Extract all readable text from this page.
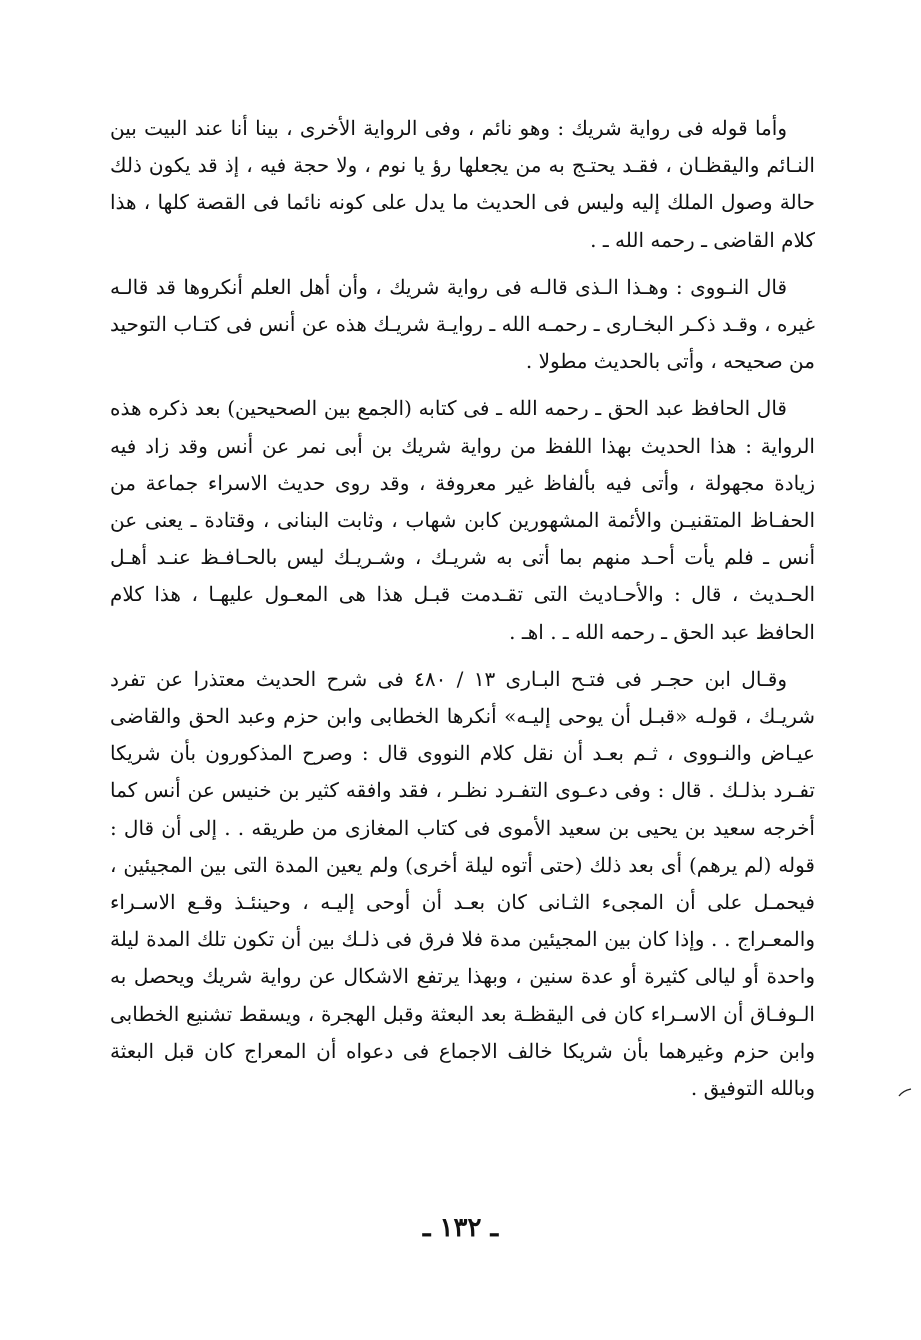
وأما قوله فى رواية شريك : وهو نائم ، وفى الرواية الأخرى ، بينا أنا عند البيت بين النـائم واليقظـان ، فقـد يحتـج به من يجعلها رؤ يا نوم ، ولا حجة فيه ، إذ قد يكون ذلك حالة وصول الملك إليه وليس فى الحديث ما يدل على كونه نائما فى القصة كلها ، هذا كلام القاضى ـ رحمه الله ـ .

قال النـووى : وهـذا الـذى قالـه فى رواية شريك ، وأن أهل العلم أنكروها قد قالـه غيره ، وقـد ذكـر البخـارى ـ رحمـه الله ـ روايـة شريـك هذه عن أنس فى كتـاب التوحيد من صحيحه ، وأتى بالحديث مطولا .

قال الحافظ عبد الحق ـ رحمه الله ـ فى كتابه (الجمع بين الصحيحين) بعد ذكره هذه الرواية : هذا الحديث بهذا اللفظ من رواية شريك بن أبى نمر عن أنس وقد زاد فيه زيادة مجهولة ، وأتى فيه بألفاظ غير معروفة ، وقد روى حديث الاسراء جماعة من الحفـاظ المتقنيـن والأئمة المشهورين كابن شهاب ، وثابت البنانى ، وقتادة ـ يعنى عن أنس ـ فلم يأت أحـد منهم بما أتى به شريـك ، وشـريـك ليس بالحـافـظ عنـد أهـل الحـديث ، قال : والأحـاديث التى تقـدمت قبـل هذا هى المعـول عليهـا ، هذا كلام الحافظ عبد الحق ـ رحمه الله ـ . اهـ .

وقـال ابن حجـر فى فتـح البـارى ١٣ / ٤٨٠ فى شرح الحديث معتذرا عن تفرد شريـك ، قولـه «قبـل أن يوحى إليـه» أنكرها الخطابى وابن حزم وعبد الحق والقاضى عيـاض والنـووى ، ثـم بعـد أن نقل كلام النووى قال : وصرح المذكورون بأن شريكا تفـرد بذلـك . قال : وفى دعـوى التفـرد نظـر ، فقد وافقه كثير بن خنيس عن أنس كما أخرجه سعيد بن يحيى بن سعيد الأموى فى كتاب المغازى من طريقه . . إلى أن قال : قوله (لم يرهم) أى بعد ذلك (حتى أتوه ليلة أخرى) ولم يعين المدة التى بين المجيئين ، فيحمـل على أن المجىء الثـانى كان بعـد أن أوحى إليـه ، وحينئـذ وقـع الاسـراء والمعـراج . . وإذا كان بين المجيئين مدة فلا فرق فى ذلـك بين أن تكون تلك المدة ليلة واحدة أو ليالى كثيرة أو عدة سنين ، وبهذا يرتفع الاشكال عن رواية شريك ويحصل به الـوفـاق أن الاسـراء كان فى اليقظـة بعد البعثة وقبل الهجرة ، ويسقط تشنيع الخطابى وابن حزم وغيرهما بأن شريكا خالف الاجماع فى دعواه أن المعراج كان قبل البعثة وبالله التوفيق .

ـ ١٣٢ ـ
